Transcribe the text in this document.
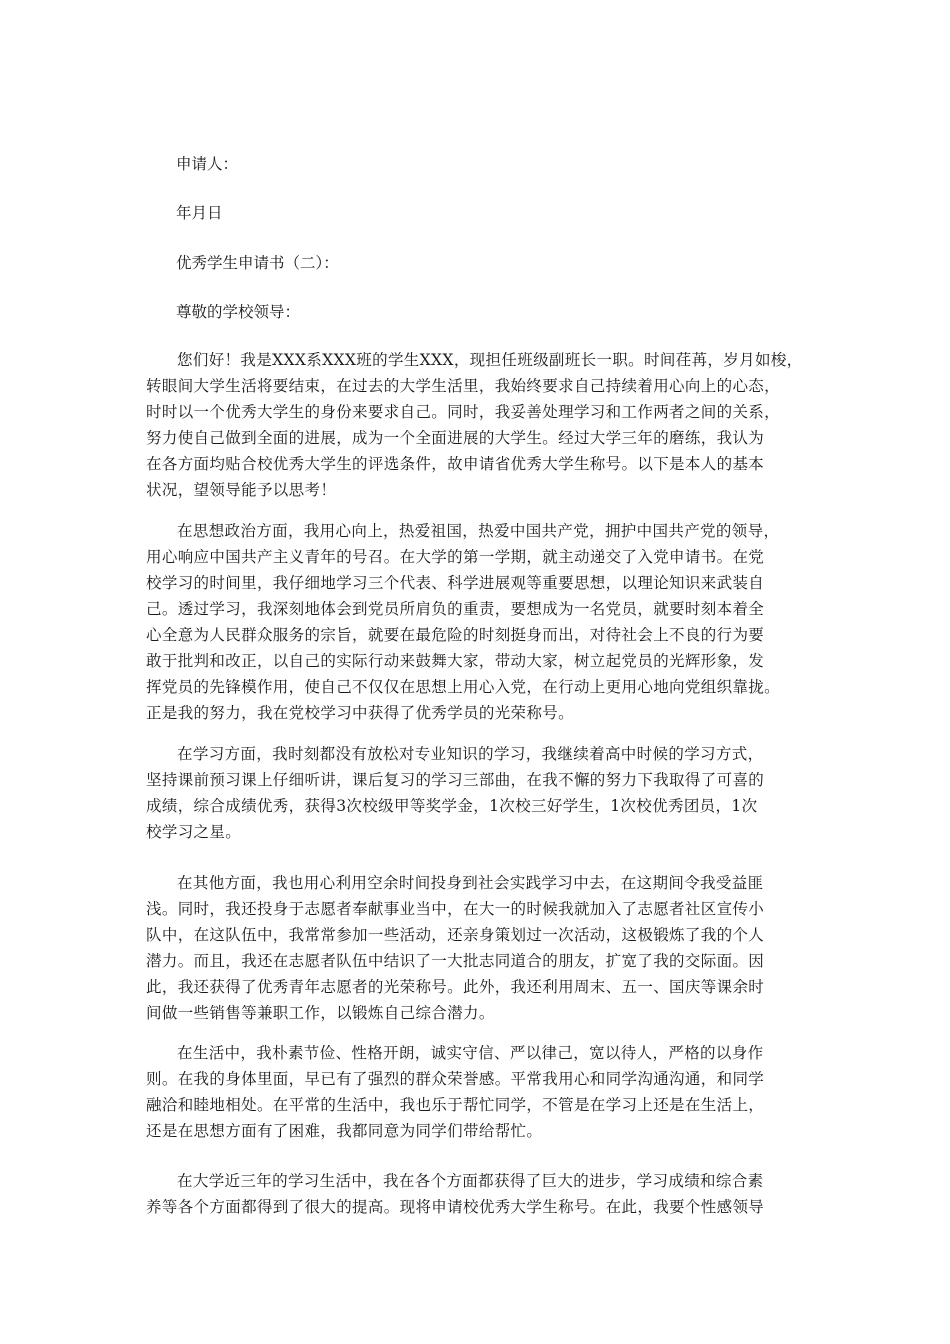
申请人：
年月日
优秀学生申请书（二）：
尊敬的学校领导：
您们好！我是XXX系XXX班的学生XXX，现担任班级副班长一职。时间荏苒，岁月如梭，
转眼间大学生活将要结束，在过去的大学生活里，我始终要求自己持续着用心向上的心态，
时时以一个优秀大学生的身份来要求自己。同时，我妥善处理学习和工作两者之间的关系，
努力使自己做到全面的进展，成为一个全面进展的大学生。经过大学三年的磨练，我认为
在各方面均贴合校优秀大学生的评选条件，故申请省优秀大学生称号。以下是本人的基本
状况，望领导能予以思考！
在思想政治方面，我用心向上，热爱祖国，热爱中国共产党，拥护中国共产党的领导，
用心响应中国共产主义青年的号召。在大学的第一学期，就主动递交了入党申请书。在党
校学习的时间里，我仔细地学习三个代表、科学进展观等重要思想，以理论知识来武装自
己。透过学习，我深刻地体会到党员所肩负的重责，要想成为一名党员，就要时刻本着全
心全意为人民群众服务的宗旨，就要在最危险的时刻挺身而出，对待社会上不良的行为要
敢于批判和改正，以自己的实际行动来鼓舞大家，带动大家，树立起党员的光辉形象，发
挥党员的先锋模作用，使自己不仅仅在思想上用心入党，在行动上更用心地向党组织靠拢。
正是我的努力，我在党校学习中获得了优秀学员的光荣称号。
在学习方面，我时刻都没有放松对专业知识的学习，我继续着高中时候的学习方式，
坚持课前预习课上仔细听讲，课后复习的学习三部曲，在我不懈的努力下我取得了可喜的
成绩，综合成绩优秀，获得3次校级甲等奖学金，1次校三好学生，1次校优秀团员，1次
校学习之星。
在其他方面，我也用心利用空余时间投身到社会实践学习中去，在这期间令我受益匪
浅。同时，我还投身于志愿者奉献事业当中，在大一的时候我就加入了志愿者社区宣传小
队中，在这队伍中，我常常参加一些活动，还亲身策划过一次活动，这极锻炼了我的个人
潜力。而且，我还在志愿者队伍中结识了一大批志同道合的朋友，扩宽了我的交际面。因
此，我还获得了优秀青年志愿者的光荣称号。此外，我还利用周末、五一、国庆等课余时
间做一些销售等兼职工作，以锻炼自己综合潜力。
在生活中，我朴素节俭、性格开朗，诚实守信、严以律己，宽以待人，严格的以身作
则。在我的身体里面，早已有了强烈的群众荣誉感。平常我用心和同学沟通沟通，和同学
融洽和睦地相处。在平常的生活中，我也乐于帮忙同学，不管是在学习上还是在生活上，
还是在思想方面有了困难，我都同意为同学们带给帮忙。
在大学近三年的学习生活中，我在各个方面都获得了巨大的进步，学习成绩和综合素
养等各个方面都得到了很大的提高。现将申请校优秀大学生称号。在此，我要个性感领导
